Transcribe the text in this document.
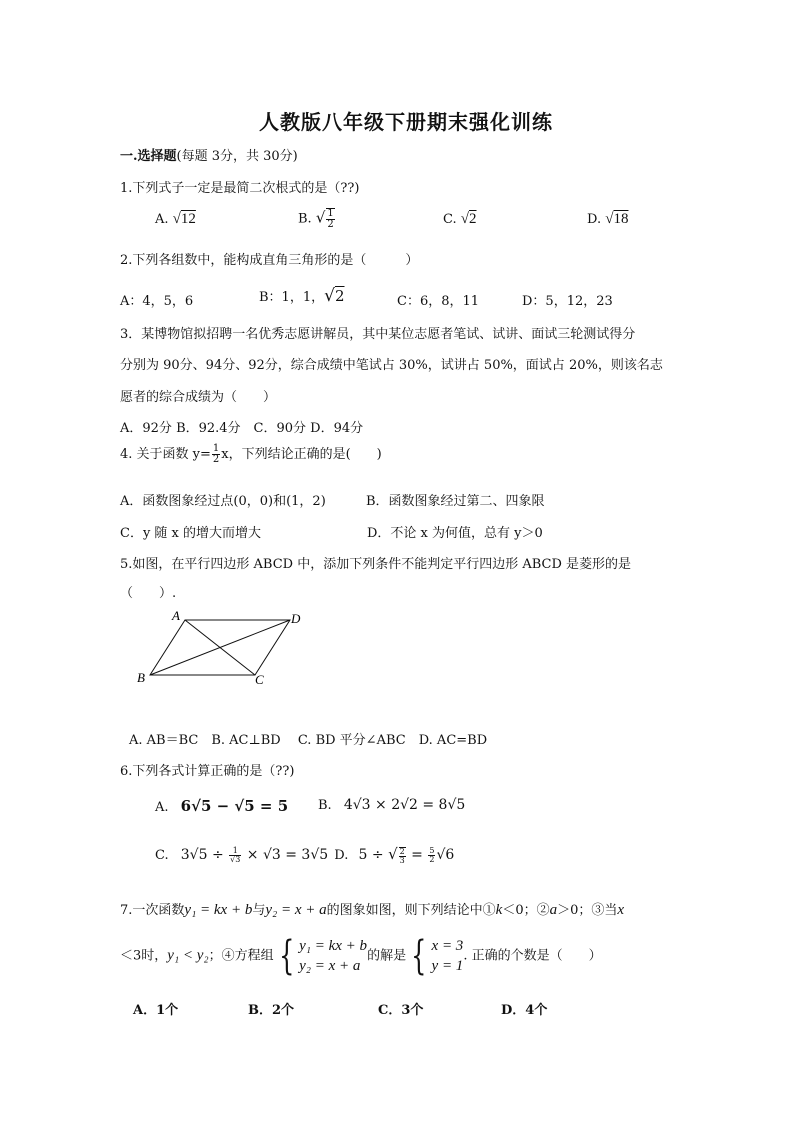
人教版八年级下册期末强化训练
一.选择题(每题 3分，共 30分)
1.下列式子一定是最简二次根式的是（??)
A. √12	B. √ $\frac{1}{2}$	C. √2	D. √18
2.下列各组数中，能构成直角三角形的是（　　　）
A：4，5，6	B：1，1，√2	C：6，8，11	D：5，12，23
3．某博物馆拟招聘一名优秀志愿讲解员，其中某位志愿者笔试、试讲、面试三轮测试得分
分别为 90分、94分、92分，综合成绩中笔试占 30%，试讲占 50%，面试占 20%，则该名志
愿者的综合成绩为（　　）
A．92分 B．92.4分　C．90分 D．94分
4. 关于函数 $y= \frac{1}{2}$ x，下列结论正确的是(　　)
A．函数图象经过点(0，0)和(1，2)	B．函数图象经过第二、四象限
C．y 随 x 的增大而增大	D．不论 x 为何值，总有 y＞0
5.如图，在平行四边形 ABCD 中，添加下列条件不能判定平行四边形 ABCD 是菱形的是
（　　）.
A	D
B	C
A. AB＝BC　B. AC⊥BD　 C. BD 平分∠ABC　D. AC=BD
6.下列各式计算正确的是（??)
A. 6√5 − √5 = 5 B. 4√3 × 2√2 = 8√5
C. $3√5 \div \frac{1}{√3} \times √3 = 3√5$ D. 5 ÷ √ $\frac{2}{3} = \frac{5}{2} √6$
7.一次函数y₁ = kx + b与y₂ = x + a的图象如图，则下列结论中①k＜0；②a＞0；③当x
＜3时，y₁ < y₂；④方程组 { y₁ = kx + b
y₂ = x + a
的解是 { x = 3
y = 1
. 正确的个数是（　　）
A．1个	B．2个	C．3个	D．4个
